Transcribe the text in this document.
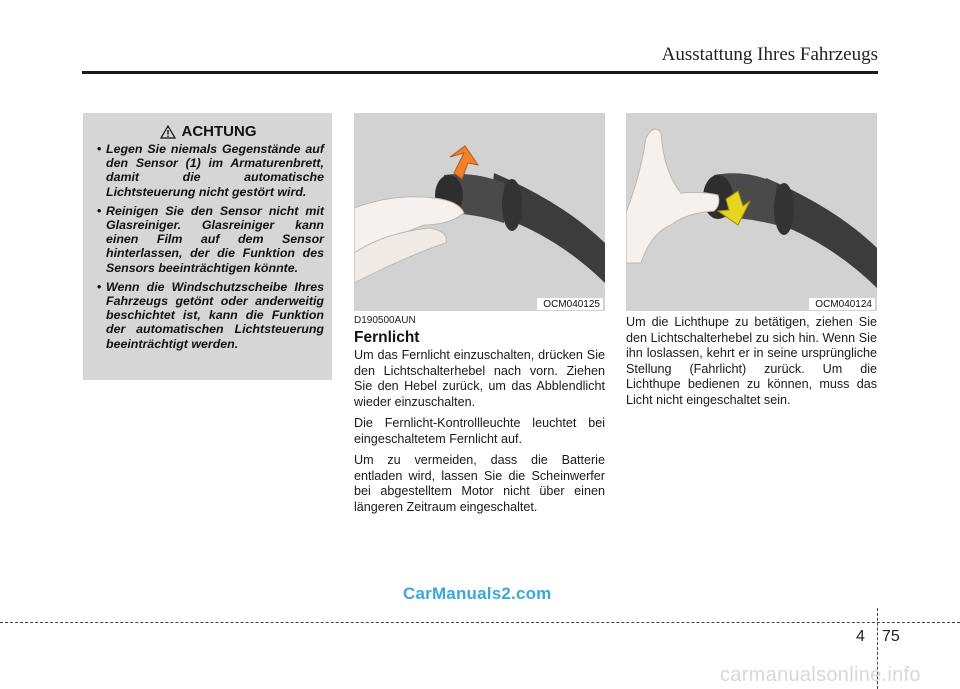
Ausstattung Ihres Fahrzeugs
ACHTUNG
• Legen Sie niemals Gegenstände auf den Sensor (1) im Armaturenbrett, damit die automatische Lichtsteuerung nicht gestört wird.
• Reinigen Sie den Sensor nicht mit Glasreiniger. Glasreiniger kann einen Film auf dem Sensor hinterlassen, der die Funktion des Sensors beeinträchtigen könnte.
• Wenn die Windschutzscheibe Ihres Fahrzeugs getönt oder anderweitig beschichtet ist, kann die Funktion der automatischen Lichtsteuerung beeinträchtigt werden.
OCM040125	OCM040124
D190500AUN
Fernlicht

Um das Fernlicht einzuschalten, drücken Sie den Lichtschalterhebel nach vorn. Ziehen Sie den Hebel zurück, um das Abblendlicht wieder einzuschalten.

Die Fernlicht-Kontrollleuchte leuchtet bei eingeschaltetem Fernlicht auf.

Um zu vermeiden, dass die Batterie entladen wird, lassen Sie die Scheinwerfer bei abgestelltem Motor nicht über einen längeren Zeitraum eingeschaltet.

Um die Lichthupe zu betätigen, ziehen Sie den Lichtschalterhebel zu sich hin. Wenn Sie ihn loslassen, kehrt er in seine ursprüngliche Stellung (Fahrlicht) zurück. Um die Lichthupe bedienen zu können, muss das Licht nicht eingeschaltet sein.

CarManuals2.com
4 75
carmanualsonline.info
